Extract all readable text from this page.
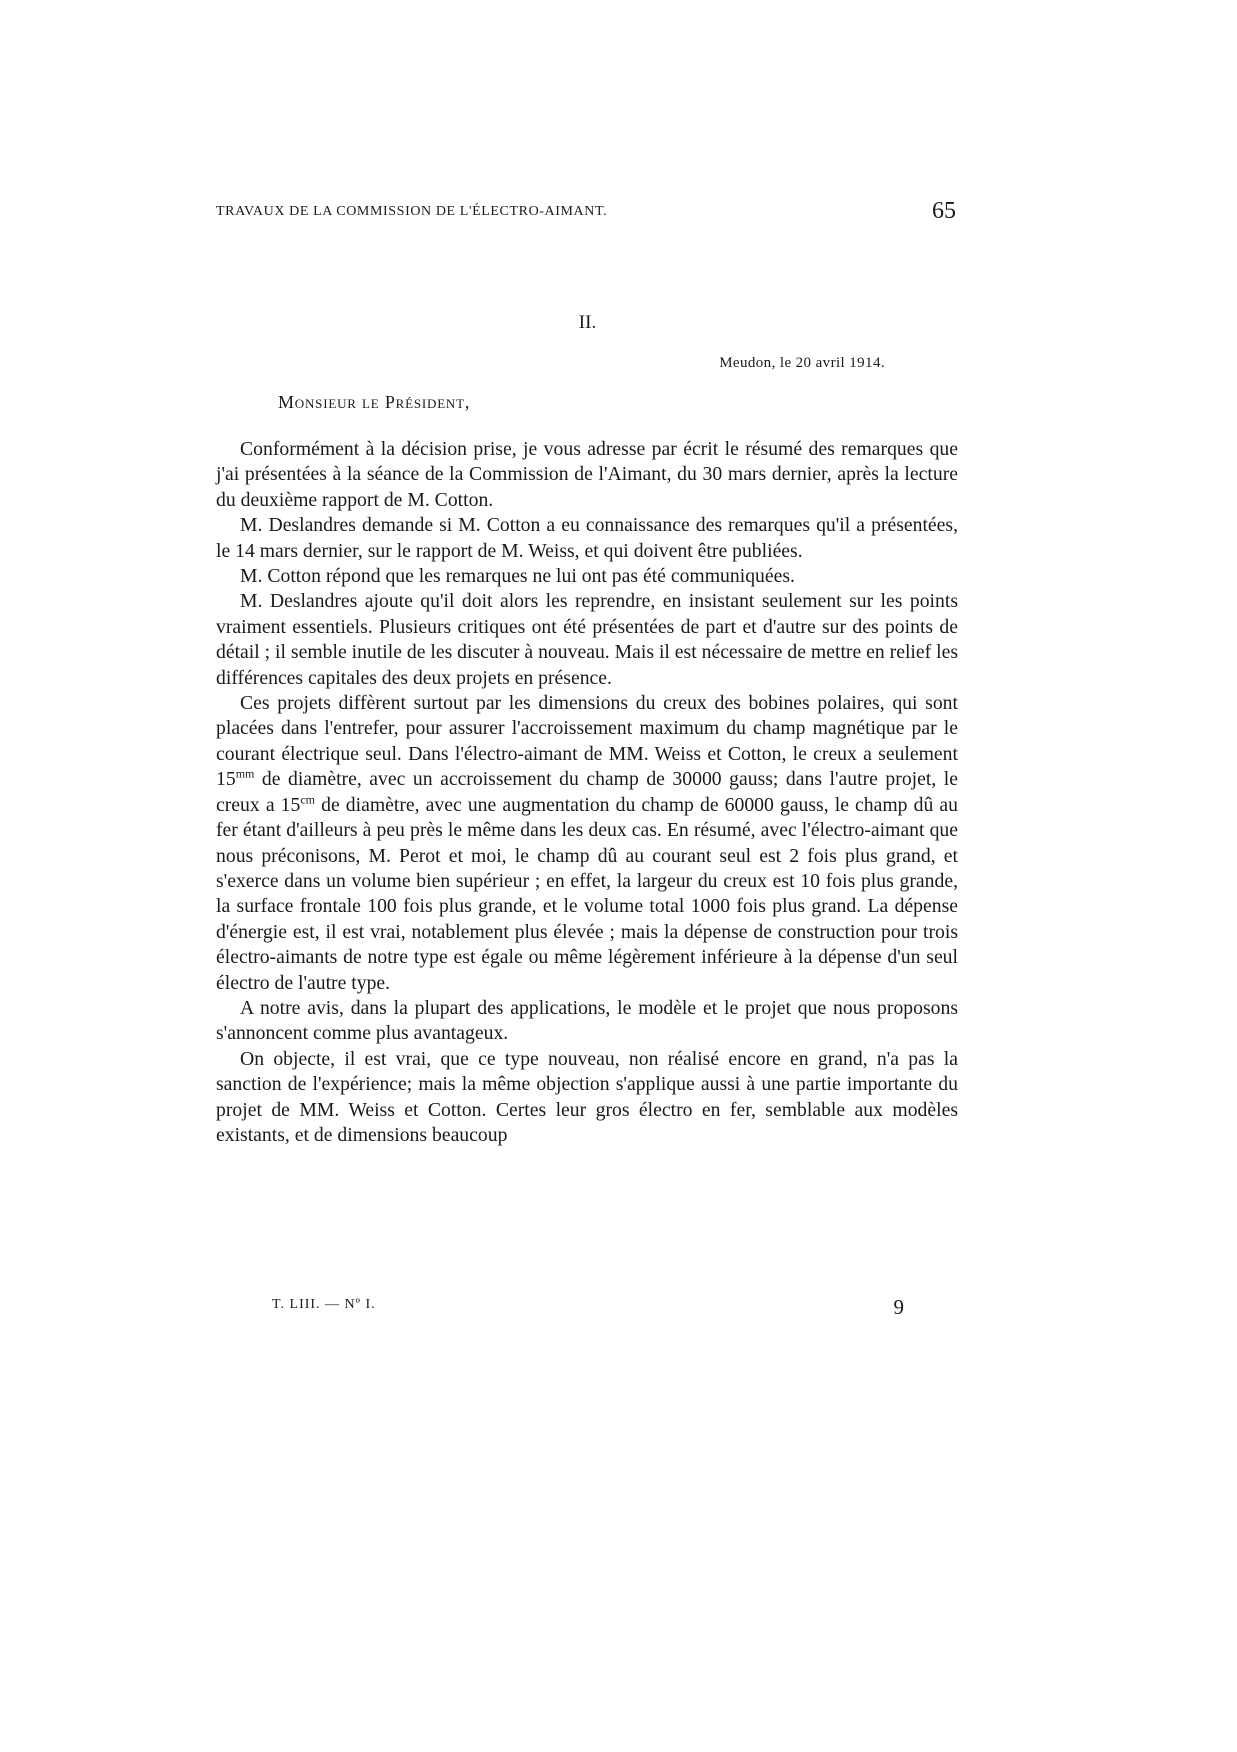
TRAVAUX DE LA COMMISSION DE L'ÉLECTRO-AIMANT.	65
II.
Meudon, le 20 avril 1914.
Monsieur le Président,

Conformément à la décision prise, je vous adresse par écrit le résumé des remarques que j'ai présentées à la séance de la Commission de l'Aimant, du 30 mars dernier, après la lecture du deuxième rapport de M. Cotton.

M. Deslandres demande si M. Cotton a eu connaissance des remarques qu'il a présentées, le 14 mars dernier, sur le rapport de M. Weiss, et qui doivent être publiées.

M. Cotton répond que les remarques ne lui ont pas été communiquées.

M. Deslandres ajoute qu'il doit alors les reprendre, en insistant seulement sur les points vraiment essentiels. Plusieurs critiques ont été présentées de part et d'autre sur des points de détail ; il semble inutile de les discuter à nouveau. Mais il est nécessaire de mettre en relief les différences capitales des deux projets en présence.

Ces projets diffèrent surtout par les dimensions du creux des bobines polaires, qui sont placées dans l'entrefer, pour assurer l'accroissement maximum du champ magnétique par le courant électrique seul. Dans l'électro-aimant de MM. Weiss et Cotton, le creux a seulement $15^{mm}$ de diamètre, avec un accroissement du champ de 30000 gauss; dans l'autre projet, le creux a $15^{cm}$ de diamètre, avec une augmentation du champ de 60000 gauss, le champ dû au fer étant d'ailleurs à peu près le même dans les deux cas. En résumé, avec l'électro-aimant que nous préconisons, M. Perot et moi, le champ dû au courant seul est 2 fois plus grand, et s'exerce dans un volume bien supérieur ; en effet, la largeur du creux est 10 fois plus grande, la surface frontale 100 fois plus grande, et le volume total 1000 fois plus grand. La dépense d'énergie est, il est vrai, notablement plus élevée ; mais la dépense de construction pour trois électro-aimants de notre type est égale ou même légèrement inférieure à la dépense d'un seul électro de l'autre type.

A notre avis, dans la plupart des applications, le modèle et le projet que nous proposons s'annoncent comme plus avantageux.

On objecte, il est vrai, que ce type nouveau, non réalisé encore en grand, n'a pas la sanction de l'expérience; mais la même objection s'applique aussi à une partie importante du projet de MM. Weiss et Cotton. Certes leur gros électro en fer, semblable aux modèles existants, et de dimensions beaucoup

T. LIII. — Nº I.	9
